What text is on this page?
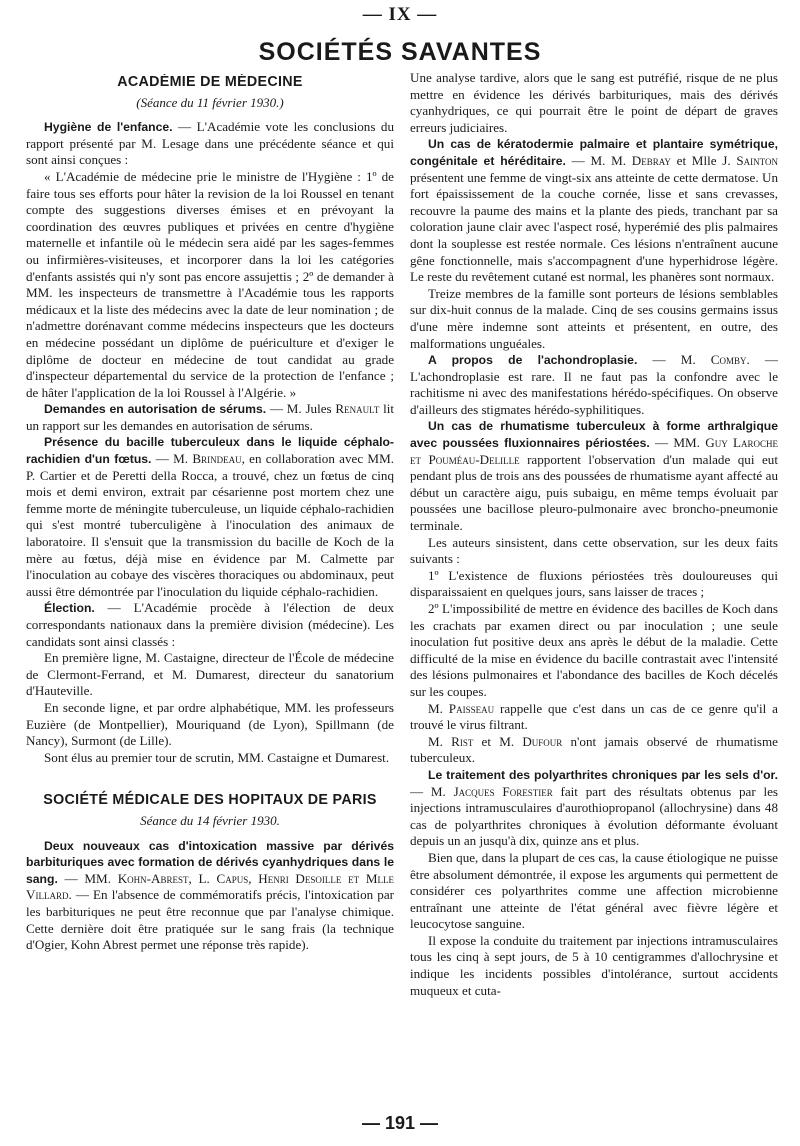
— IX —
SOCIÉTÉS SAVANTES
ACADÉMIE DE MÉDECINE
(Séance du 11 février 1930.)

Hygiène de l'enfance. — L'Académie vote les conclusions du rapport présenté par M. Lesage dans une précédente séance et qui sont ainsi conçues :

« L'Académie de médecine prie le ministre de l'Hygiène : 1º de faire tous ses efforts pour hâter la revision de la loi Roussel en tenant compte des suggestions diverses émises et en prévoyant la coordination des œuvres publiques et privées en centre d'hygiène maternelle et infantile où le médecin sera aidé par les sages-femmes ou infirmières-visiteuses, et incorporer dans la loi les catégories d'enfants assistés qui n'y sont pas encore assujettis ; 2º de demander à MM. les inspecteurs de transmettre à l'Académie tous les rapports médicaux et la liste des médecins avec la date de leur nomination ; de n'admettre dorénavant comme médecins inspecteurs que les docteurs en médecine possédant un diplôme de puériculture et d'exiger le diplôme de docteur en médecine de tout candidat au grade d'inspecteur départemental du service de la protection de l'enfance ; de hâter l'application de la loi Roussel à l'Algérie. »

Demandes en autorisation de sérums. — M. Jules Renault lit un rapport sur les demandes en autorisation de sérums.

Présence du bacille tuberculeux dans le liquide céphalo-rachidien d'un fœtus. — M. Brindeau, en collaboration avec MM. P. Cartier et de Peretti della Rocca, a trouvé, chez un fœtus de cinq mois et demi environ, extrait par césarienne post mortem chez une femme morte de méningite tuberculeuse, un liquide céphalo-rachidien qui s'est montré tuberculigène à l'inoculation des animaux de laboratoire. Il s'ensuit que la transmission du bacille de Koch de la mère au fœtus, déjà mise en évidence par M. Calmette par l'inoculation au cobaye des viscères thoraciques ou abdominaux, peut aussi être démontrée par l'inoculation du liquide céphalo-rachidien.

Élection. — L'Académie procède à l'élection de deux correspondants nationaux dans la première division (médecine). Les candidats sont ainsi classés :

En première ligne, M. Castaigne, directeur de l'École de médecine de Clermont-Ferrand, et M. Dumarest, directeur du sanatorium d'Hauteville.

En seconde ligne, et par ordre alphabétique, MM. les professeurs Euzière (de Montpellier), Mouriquand (de Lyon), Spillmann (de Nancy), Surmont (de Lille).

Sont élus au premier tour de scrutin, MM. Castaigne et Dumarest.

SOCIÉTÉ MÉDICALE DES HOPITAUX DE PARIS
Séance du 14 février 1930.

Deux nouveaux cas d'intoxication massive par dérivés barbituriques avec formation de dérivés cyanhydriques dans le sang. — MM. Kohn-Abrest, L. Capus, Henri Desoille et Mlle Villard. — En l'absence de commémoratifs précis, l'intoxication par les barbituriques ne peut être reconnue que par l'analyse chimique. Cette dernière doit être pratiquée sur le sang frais (la technique d'Ogier, Kohn Abrest permet une réponse très rapide).

Une analyse tardive, alors que le sang est putréfié, risque de ne plus mettre en évidence les dérivés barbituriques, mais des dérivés cyanhydriques, ce qui pourrait être le point de départ de graves erreurs judiciaires.

Un cas de kératodermie palmaire et plantaire symétrique, congénitale et héréditaire. — M. M. Debray et Mlle J. Sainton présentent une femme de vingt-six ans atteinte de cette dermatose. Un fort épaississement de la couche cornée, lisse et sans crevasses, recouvre la paume des mains et la plante des pieds, tranchant par sa coloration jaune clair avec l'aspect rosé, hyperémié des plis palmaires dont la souplesse est restée normale. Ces lésions n'entraînent aucune gêne fonctionnelle, mais s'accompagnent d'une hyperhidrose légère. Le reste du revêtement cutané est normal, les phanères sont normaux.

Treize membres de la famille sont porteurs de lésions semblables sur dix-huit connus de la malade. Cinq de ses cousins germains issus d'une mère indemne sont atteints et présentent, en outre, des malformations unguéales.

A propos de l'achondroplasie. — M. Comby. — L'achondroplasie est rare. Il ne faut pas la confondre avec le rachitisme ni avec des manifestations hérédo-spécifiques. On observe d'ailleurs des stigmates hérédo-syphilitiques.

Un cas de rhumatisme tuberculeux à forme arthralgique avec poussées fluxionnaires périostées. — MM. Guy Laroche et Pouméau-Delille rapportent l'observation d'un malade qui eut pendant plus de trois ans des poussées de rhumatisme ayant affecté au début un caractère aigu, puis subaigu, en même temps évoluait par poussées une bacillose pleuro-pulmonaire avec broncho-pneumonie terminale.

Les auteurs sinsistent, dans cette observation, sur les deux faits suivants :

1º L'existence de fluxions périostées très douloureuses qui disparaissaient en quelques jours, sans laisser de traces ;

2º L'impossibilité de mettre en évidence des bacilles de Koch dans les crachats par examen direct ou par inoculation ; une seule inoculation fut positive deux ans après le début de la maladie. Cette difficulté de la mise en évidence du bacille contrastait avec l'intensité des lésions pulmonaires et l'abondance des bacilles de Koch décelés sur les coupes.

M. Paisseau rappelle que c'est dans un cas de ce genre qu'il a trouvé le virus filtrant.

M. Rist et M. Dufour n'ont jamais observé de rhumatisme tuberculeux.

Le traitement des polyarthrites chroniques par les sels d'or. — M. Jacques Forestier fait part des résultats obtenus par les injections intramusculaires d'aurothiopropanol (allochrysine) dans 48 cas de polyarthrites chroniques à évolution déformante évoluant depuis un an jusqu'à dix, quinze ans et plus.

Bien que, dans la plupart de ces cas, la cause étiologique ne puisse être absolument démontrée, il expose les arguments qui permettent de considérer ces polyarthrites comme une affection microbienne entraînant une atteinte de l'état général avec fièvre légère et leucocytose sanguine.

Il expose la conduite du traitement par injections intramusculaires tous les cinq à sept jours, de 5 à 10 centigrammes d'allochrysine et indique les incidents possibles d'intolérance, surtout accidents muqueux et cuta-

— 191 —
